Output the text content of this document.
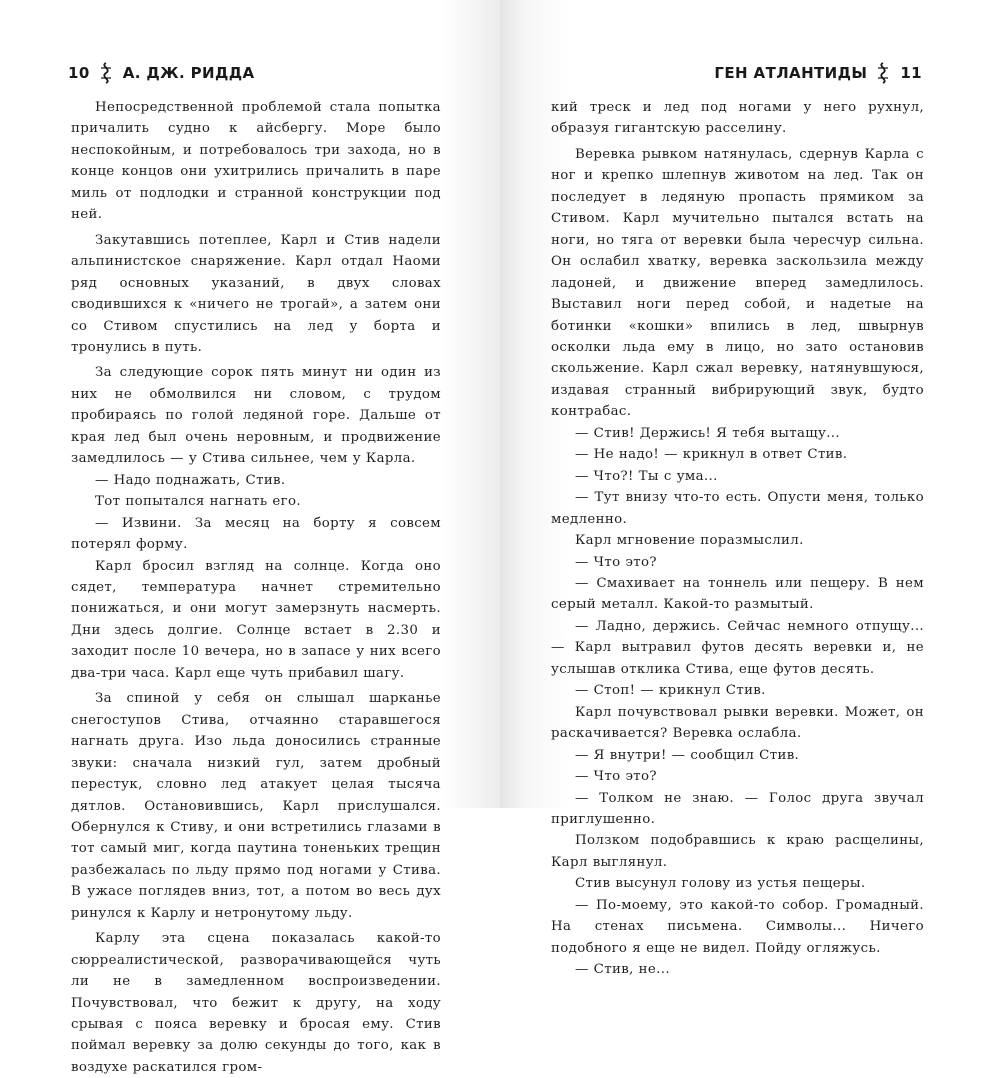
10 А. ДЖ. РИДДА

Непосредственной проблемой стала попытка причалить судно к айсбергу. Море было неспокойным, и потребовалось три захода, но в конце концов они ухитрились причалить в паре миль от подлодки и странной конструкции под ней.

Закутавшись потеплее, Карл и Стив надели альпинистское снаряжение. Карл отдал Наоми ряд основных указаний, в двух словах сводившихся к «ничего не трогай», а затем они со Стивом спустились на лед у борта и тронулись в путь.

За следующие сорок пять минут ни один из них не обмолвился ни словом, с трудом пробираясь по голой ледяной горе. Дальше от края лед был очень неровным, и продвижение замедлилось — у Стива сильнее, чем у Карла.

— Надо поднажать, Стив.

Тот попытался нагнать его.

— Извини. За месяц на борту я совсем потерял форму.

Карл бросил взгляд на солнце. Когда оно сядет, температура начнет стремительно понижаться, и они могут замерзнуть насмерть. Дни здесь долгие. Солнце встает в 2.30 и заходит после 10 вечера, но в запасе у них всего два-три часа. Карл еще чуть прибавил шагу.

За спиной у себя он слышал шарканье снегоступов Стива, отчаянно старавшегося нагнать друга. Изо льда доносились странные звуки: сначала низкий гул, затем дробный перестук, словно лед атакует целая тысяча дятлов. Остановившись, Карл прислушался. Обернулся к Стиву, и они встретились глазами в тот самый миг, когда паутина тоненьких трещин разбежалась по льду прямо под ногами у Стива. В ужасе поглядев вниз, тот, а потом во весь дух ринулся к Карлу и нетронутому льду.

Карлу эта сцена показалась какой-то сюрреалистической, разворачивающейся чуть ли не в замедленном воспроизведении. Почувствовал, что бежит к другу, на ходу срывая с пояса веревку и бросая ему. Стив поймал веревку за долю секунды до того, как в воздухе раскатился гром-

ГЕН АТЛАНТИДЫ 11

кий треск и лед под ногами у него рухнул, образуя гигантскую расселину.

Веревка рывком натянулась, сдернув Карла с ног и крепко шлепнув животом на лед. Так он последует в ледяную пропасть прямиком за Стивом. Карл мучительно пытался встать на ноги, но тяга от веревки была чересчур сильна. Он ослабил хватку, веревка заскользила между ладоней, и движение вперед замедлилось. Выставил ноги перед собой, и надетые на ботинки «кошки» впились в лед, швырнув осколки льда ему в лицо, но зато остановив скольжение. Карл сжал веревку, натянувшуюся, издавая странный вибрирующий звук, будто контрабас.

— Стив! Держись! Я тебя вытащу...

— Не надо! — крикнул в ответ Стив.

— Что?! Ты с ума...

— Тут внизу что-то есть. Опусти меня, только медленно.

Карл мгновение поразмыслил.

— Что это?

— Смахивает на тоннель или пещеру. В нем серый металл. Какой-то размытый.

— Ладно, держись. Сейчас немного отпущу... — Карл вытравил футов десять веревки и, не услышав отклика Стива, еще футов десять.

— Стоп! — крикнул Стив.

Карл почувствовал рывки веревки. Может, он раскачивается? Веревка ослабла.

— Я внутри! — сообщил Стив.

— Что это?

— Толком не знаю. — Голос друга звучал приглушенно.

Ползком подобравшись к краю расщелины, Карл выглянул.

Стив высунул голову из устья пещеры.

— По-моему, это какой-то собор. Громадный. На стенах письмена. Символы... Ничего подобного я еще не видел. Пойду огляжусь.

— Стив, не...
